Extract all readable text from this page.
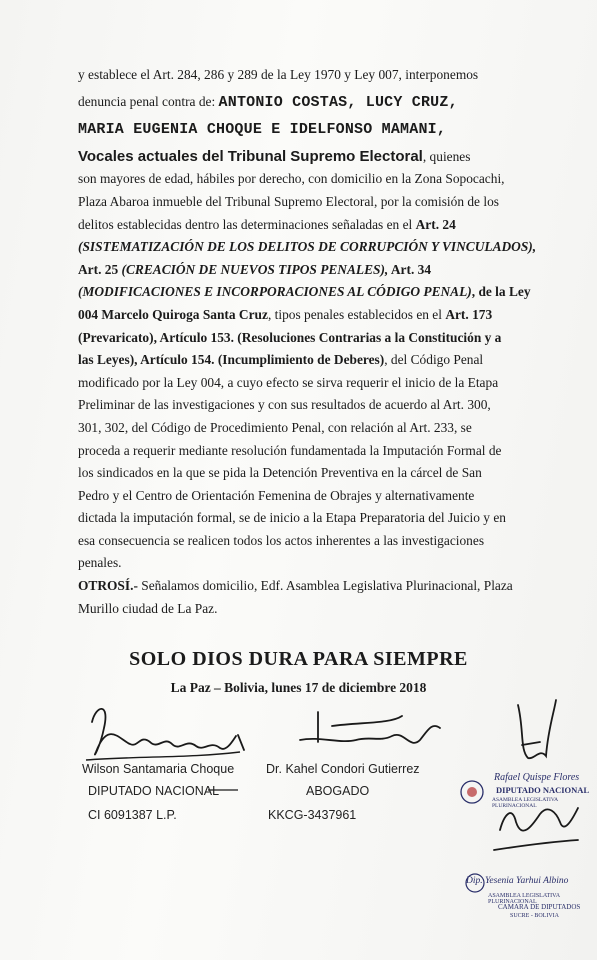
y establece el Art. 284, 286 y 289 de la Ley 1970 y Ley 007, interponemos

denuncia penal contra de: ANTONIO COSTAS, LUCY CRUZ,

MARIA EUGENIA CHOQUE E IDELFONSO MAMANI,

Vocales actuales del Tribunal Supremo Electoral, quienes

son mayores de edad, hábiles por derecho, con domicilio en la Zona Sopocachi,

Plaza Abaroa inmueble del Tribunal Supremo Electoral, por la comisión de los

delitos establecidas dentro las determinaciones señaladas en el Art. 24

(SISTEMATIZACIÓN DE LOS DELITOS DE CORRUPCIÓN Y VINCULADOS),

Art. 25 (CREACIÓN DE NUEVOS TIPOS PENALES), Art. 34

(MODIFICACIONES E INCORPORACIONES AL CÓDIGO PENAL), de la Ley

004 Marcelo Quiroga Santa Cruz, tipos penales establecidos en el Art. 173

(Prevaricato), Artículo 153. (Resoluciones Contrarias a la Constitución y a

las Leyes), Artículo 154. (Incumplimiento de Deberes), del Código Penal

modificado por la Ley 004, a cuyo efecto se sirva requerir el inicio de la Etapa

Preliminar de las investigaciones y con sus resultados de acuerdo al Art. 300,

301, 302, del Código de Procedimiento Penal, con relación al Art. 233, se

proceda a requerir mediante resolución fundamentada la Imputación Formal de

los sindicados en la que se pida la Detención Preventiva en la cárcel de San

Pedro y el Centro de Orientación Femenina de Obrajes y alternativamente

dictada la imputación formal, se de inicio a la Etapa Preparatoria del Juicio y en

esa consecuencia se realicen todos los actos inherentes a las investigaciones

penales.

OTROSÍ.- Señalamos domicilio, Edf. Asamblea Legislativa Plurinacional, Plaza

Murillo ciudad de La Paz.

SOLO DIOS DURA PARA SIEMPRE
La Paz – Bolivia, lunes 17 de diciembre 2018
Wilson Santamaria Choque
DIPUTADO NACIONAL
CI 6091387 L.P.
Dr. Kahel Condori Gutierrez
ABOGADO
KKCG-3437961
Rafael Quispe Flores
DIPUTADO NACIONAL
ASAMBLEA LEGISLATIVA PLURINACIONAL
Dip. Yesenia Yarhui Albino
ASAMBLEA LEGISLATIVA PLURINACIONAL
CAMARA DE DIPUTADOS
SUCRE - BOLIVIA
